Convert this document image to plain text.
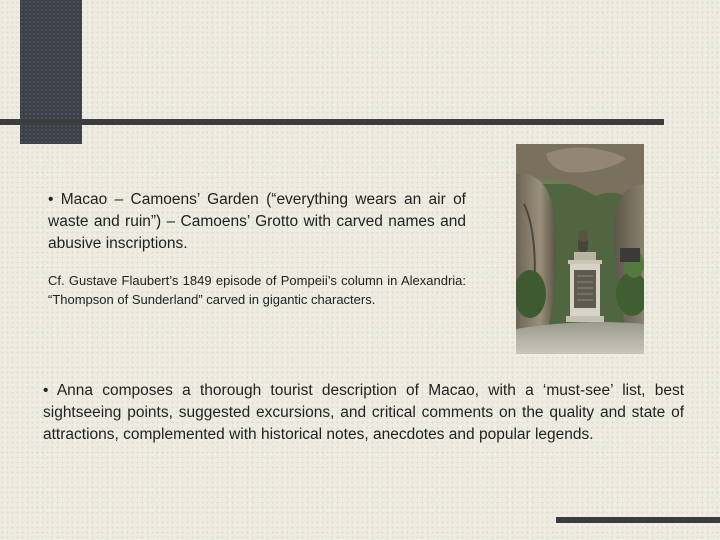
• Macao – Camoens’ Garden (“everything wears an air of waste and ruin”) – Camoens’ Grotto with carved names and abusive inscriptions.

Cf. Gustave Flaubert’s 1849 episode of Pompeii’s column in Alexandria: “Thompson of Sunderland” carved in gigantic characters.

• Anna composes a thorough tourist description of Macao, with a ‘must-see’ list, best sightseeing points, suggested excursions, and critical comments on the quality and state of attractions, complemented with historical notes, anecdotes and popular legends.
